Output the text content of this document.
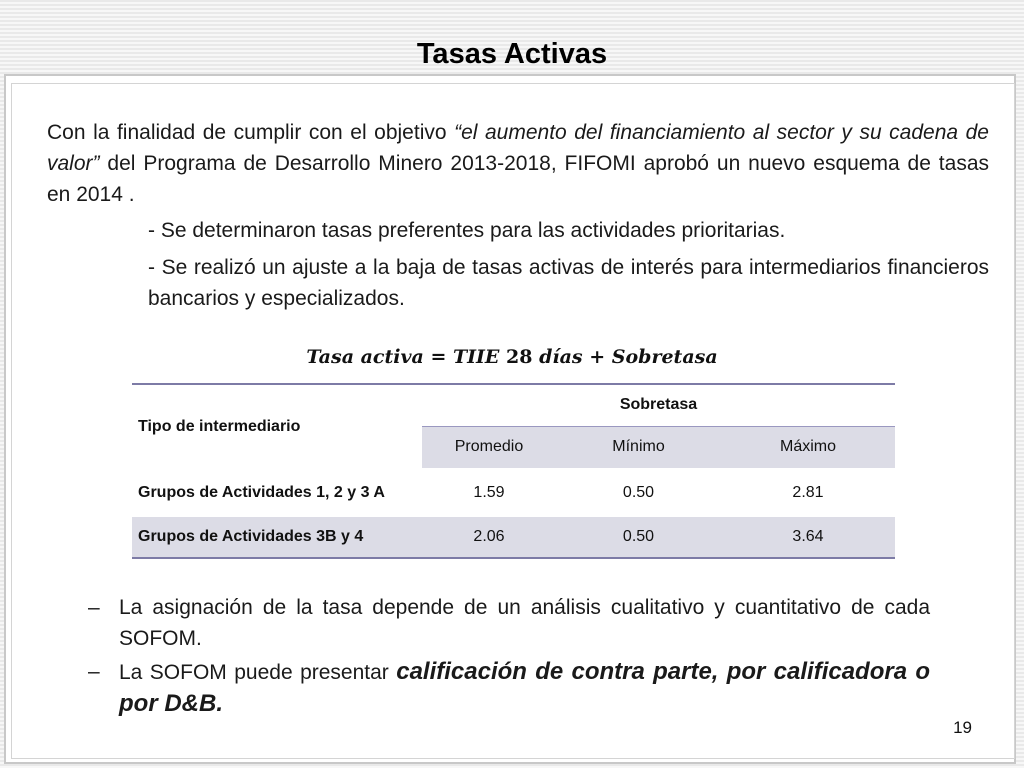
Tasas Activas
Con la finalidad de cumplir con el objetivo “el aumento del financiamiento al sector y su cadena de valor” del Programa de Desarrollo Minero 2013-2018, FIFOMI aprobó un nuevo esquema de tasas en 2014 .
- Se determinaron tasas preferentes para las actividades prioritarias.
- Se realizó un ajuste a la baja de tasas activas de interés para intermediarios financieros bancarios y especializados.
Tasa activa = TIIE 28 días + Sobretasa
Tipo de intermediario	Sobretasa		
	Promedio	Mínimo	Máximo
Grupos de Actividades 1, 2 y 3 A	1.59	0.50	2.81
Grupos de Actividades 3B y 4	2.06	0.50	3.64
– La asignación de la tasa depende de un análisis cualitativo y cuantitativo de cada SOFOM.
– La SOFOM puede presentar calificación de contra parte, por calificadora o por D&B.
19
